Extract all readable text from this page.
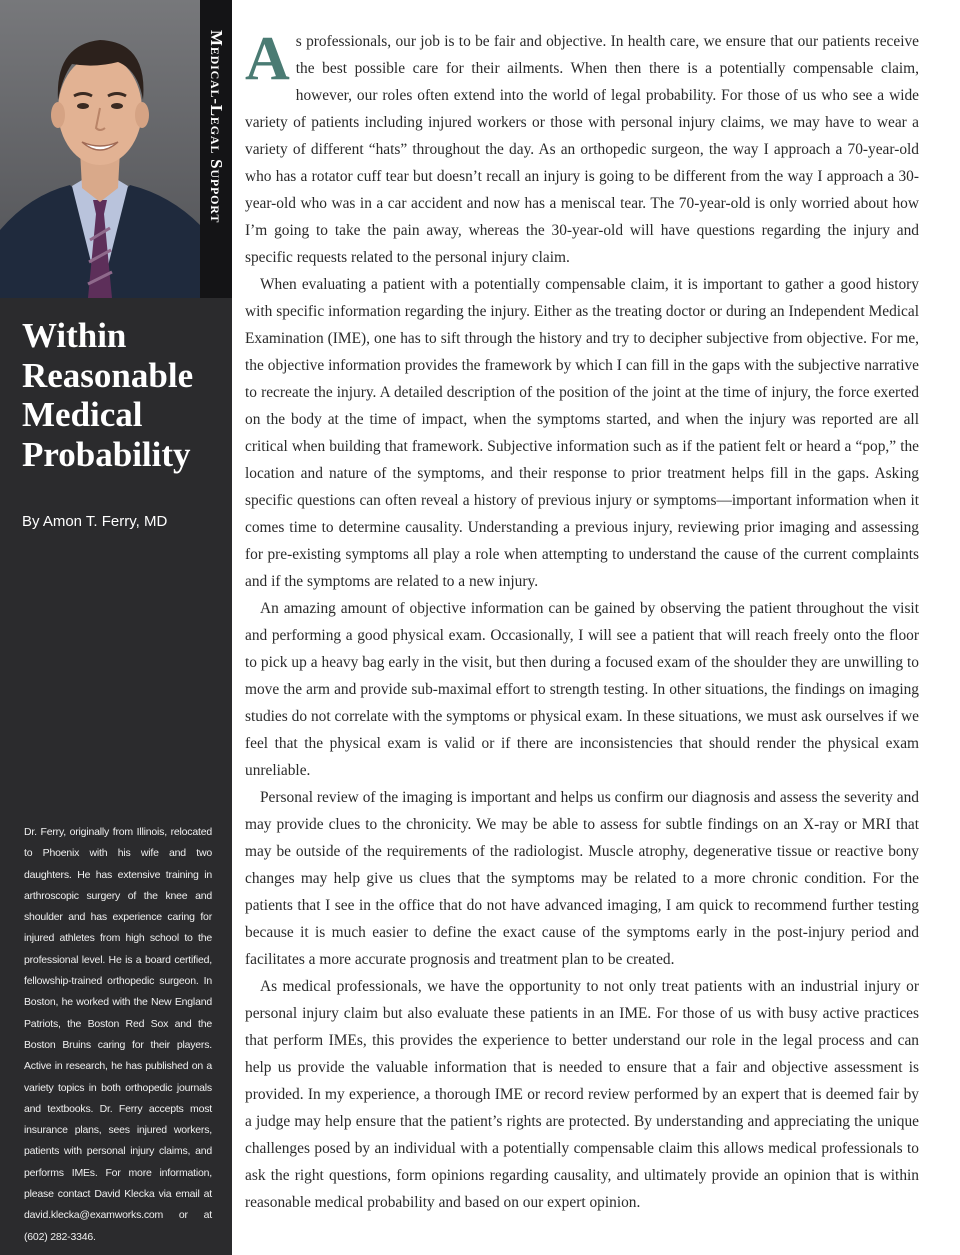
Medical-Legal Support
Within
Reasonable
Medical
Probability
By Amon T. Ferry, MD
Dr. Ferry, originally from Illinois, relocated to Phoenix with his wife and two daughters. He has extensive training in arthroscopic surgery of the knee and shoulder and has experience caring for injured athletes from high school to the professional level. He is a board certified, fellowship-trained orthopedic surgeon. In Boston, he worked with the New England Patriots, the Boston Red Sox and the Boston Bruins caring for their players. Active in research, he has published on a variety topics in both orthopedic journals and textbooks. Dr. Ferry accepts most insurance plans, sees injured workers, patients with personal injury claims, and performs IMEs. For more information, please contact David Klecka via email at david.klecka@examworks.com or at (602) 282-3346.

As professionals, our job is to be fair and objective. In health care, we ensure that our patients receive the best possible care for their ailments. When then there is a potentially compensable claim, however, our roles often extend into the world of legal probability. For those of us who see a wide variety of patients including injured workers or those with personal injury claims, we may have to wear a variety of different “hats” throughout the day. As an orthopedic surgeon, the way I approach a 70-year-old who has a rotator cuff tear but doesn’t recall an injury is going to be different from the way I approach a 30-year-old who was in a car accident and now has a meniscal tear. The 70-year-old is only worried about how I’m going to take the pain away, whereas the 30-year-old will have questions regarding the injury and specific requests related to the personal injury claim.

When evaluating a patient with a potentially compensable claim, it is important to gather a good history with specific information regarding the injury. Either as the treating doctor or during an Independent Medical Examination (IME), one has to sift through the history and try to decipher subjective from objective. For me, the objective information provides the framework by which I can fill in the gaps with the subjective narrative to recreate the injury. A detailed description of the position of the joint at the time of injury, the force exerted on the body at the time of impact, when the symptoms started, and when the injury was reported are all critical when building that framework. Subjective information such as if the patient felt or heard a “pop,” the location and nature of the symptoms, and their response to prior treatment helps fill in the gaps. Asking specific questions can often reveal a history of previous injury or symptoms—important information when it comes time to determine causality. Understanding a previous injury, reviewing prior imaging and assessing for pre-existing symptoms all play a role when attempting to understand the cause of the current complaints and if the symptoms are related to a new injury.

An amazing amount of objective information can be gained by observing the patient throughout the visit and performing a good physical exam. Occasionally, I will see a patient that will reach freely onto the floor to pick up a heavy bag early in the visit, but then during a focused exam of the shoulder they are unwilling to move the arm and provide sub-maximal effort to strength testing. In other situations, the findings on imaging studies do not correlate with the symptoms or physical exam. In these situations, we must ask ourselves if we feel that the physical exam is valid or if there are inconsistencies that should render the physical exam unreliable.

Personal review of the imaging is important and helps us confirm our diagnosis and assess the severity and may provide clues to the chronicity. We may be able to assess for subtle findings on an X-ray or MRI that may be outside of the requirements of the radiologist. Muscle atrophy, degenerative tissue or reactive bony changes may help give us clues that the symptoms may be related to a more chronic condition. For the patients that I see in the office that do not have advanced imaging, I am quick to recommend further testing because it is much easier to define the exact cause of the symptoms early in the post-injury period and facilitates a more accurate prognosis and treatment plan to be created.

As medical professionals, we have the opportunity to not only treat patients with an industrial injury or personal injury claim but also evaluate these patients in an IME. For those of us with busy active practices that perform IMEs, this provides the experience to better understand our role in the legal process and can help us provide the valuable information that is needed to ensure that a fair and objective assessment is provided. In my experience, a thorough IME or record review performed by an expert that is deemed fair by a judge may help ensure that the patient’s rights are protected. By understanding and appreciating the unique challenges posed by an individual with a potentially compensable claim this allows medical professionals to ask the right questions, form opinions regarding causality, and ultimately provide an opinion that is within reasonable medical probability and based on our expert opinion.
